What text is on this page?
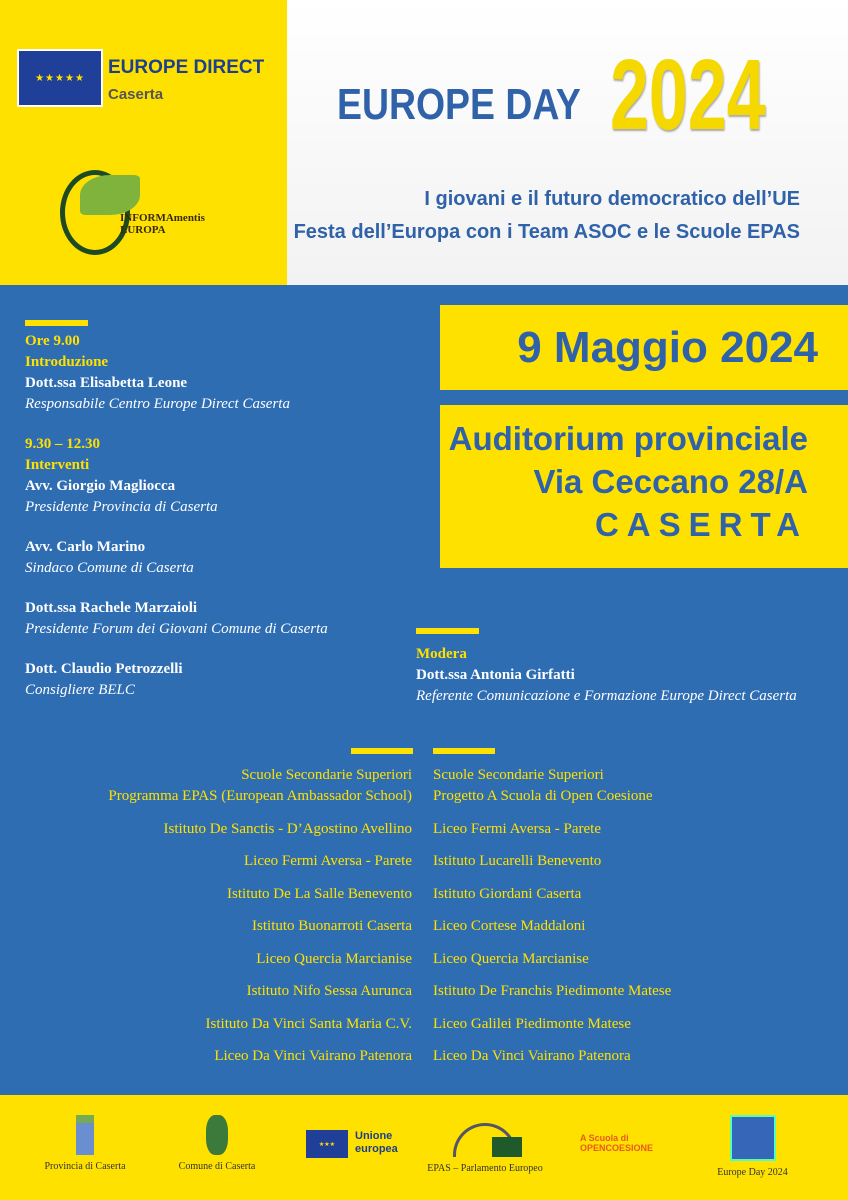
★★★★★ EUROPE DIRECT
Caserta
INFORMAmentis EUROPA
EUROPE DAY 2024
I giovani e il futuro democratico dell’UE
Festa dell’Europa con i Team ASOC e le Scuole EPAS
9 Maggio 2024
Auditorium provinciale
Via Ceccano 28/A
CASERTA
Ore 9.00
Introduzione
Dott.ssa Elisabetta Leone
Responsabile Centro Europe Direct Caserta
9.30 – 12.30
Interventi
Avv. Giorgio Magliocca
Presidente Provincia di Caserta
Avv. Carlo Marino
Sindaco Comune di Caserta
Dott.ssa Rachele Marzaioli
Presidente Forum dei Giovani Comune di Caserta
Dott. Claudio Petrozzelli
Consigliere BELC
Modera
Dott.ssa Antonia Girfatti
Referente Comunicazione e Formazione Europe Direct Caserta
Scuole Secondarie Superiori
Programma EPAS (European Ambassador School)
Istituto De Sanctis - D’Agostino Avellino
Liceo Fermi Aversa - Parete
Istituto De La Salle Benevento
Istituto Buonarroti Caserta
Liceo Quercia Marcianise
Istituto Nifo Sessa Aurunca
Istituto Da Vinci Santa Maria C.V.
Liceo Da Vinci Vairano Patenora
Scuole Secondarie Superiori
Progetto A Scuola di Open Coesione
Liceo Fermi Aversa - Parete
Istituto Lucarelli Benevento
Istituto Giordani Caserta
Liceo Cortese Maddaloni
Liceo Quercia Marcianise
Istituto De Franchis Piedimonte Matese
Liceo Galilei Piedimonte Matese
Liceo Da Vinci Vairano Patenora
Provincia di Caserta	Comune di Caserta
★★★
Unione europea
EPAS – Parlamento Europeo
A Scuola di OPENCOESIONE
Europe Day 2024
